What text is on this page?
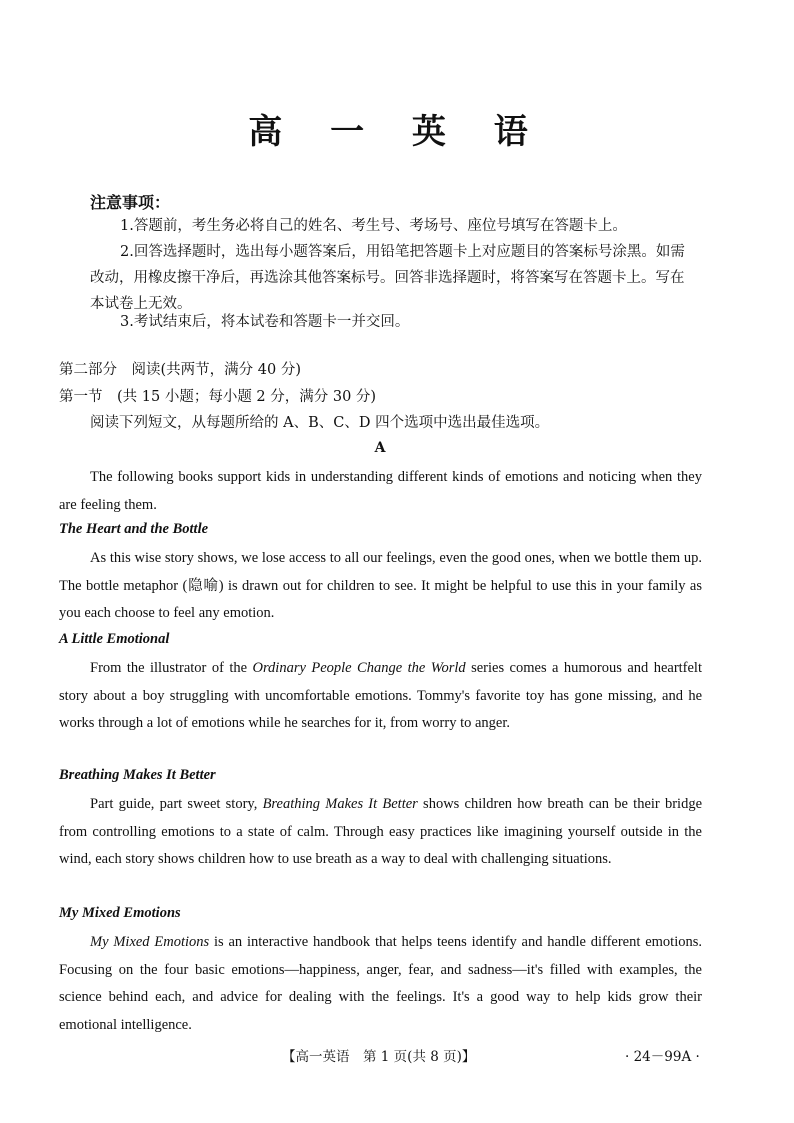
高 一 英 语
注意事项：
1.答题前，考生务必将自己的姓名、考生号、考场号、座位号填写在答题卡上。
2.回答选择题时，选出每小题答案后，用铅笔把答题卡上对应题目的答案标号涂黑。如需改动，用橡皮擦干净后，再选涂其他答案标号。回答非选择题时，将答案写在答题卡上。写在本试卷上无效。
3.考试结束后，将本试卷和答题卡一并交回。
第二部分　阅读(共两节，满分 40 分)
第一节　(共 15 小题；每小题 2 分，满分 30 分)
阅读下列短文，从每题所给的 A、B、C、D 四个选项中选出最佳选项。
A
The following books support kids in understanding different kinds of emotions and noticing when they are feeling them.
The Heart and the Bottle
As this wise story shows, we lose access to all our feelings, even the good ones, when we bottle them up. The bottle metaphor (隐喻) is drawn out for children to see. It might be helpful to use this in your family as you each choose to feel any emotion.
A Little Emotional
From the illustrator of the Ordinary People Change the World series comes a humorous and heartfelt story about a boy struggling with uncomfortable emotions. Tommy's favorite toy has gone missing, and he works through a lot of emotions while he searches for it, from worry to anger.
Breathing Makes It Better
Part guide, part sweet story, Breathing Makes It Better shows children how breath can be their bridge from controlling emotions to a state of calm. Through easy practices like imagining yourself outside in the wind, each story shows children how to use breath as a way to deal with challenging situations.
My Mixed Emotions
My Mixed Emotions is an interactive handbook that helps teens identify and handle different emotions. Focusing on the four basic emotions—happiness, anger, fear, and sadness—it's filled with examples, the science behind each, and advice for dealing with the feelings. It's a good way to help kids grow their emotional intelligence.
【高一英语　第 1 页(共 8 页)】	· 24－99A ·
